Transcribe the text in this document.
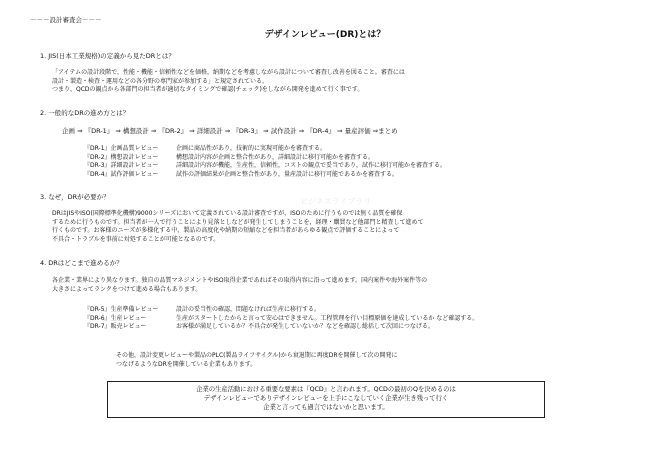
－－－設計審査会－－－
デザインレビュー(DR)とは？
1. JIS(日本工業規格)の定義から見たDRとは？
「アイテムの設計段階で，性能・機能・信頼性などを価格，納期などを考慮しながら設計について審査し改善を図ること。審査には
設計・製造・検査・運用などの各分野の専門家が参加する」と規定されている。
つまり，QCDの観点から各部門の担当者が適切なタイミングで確認(チェック)をしながら開発を進めて行く事です。
2. 一般的なDRの進め方とは？
企画 ⇒ 『DR-1』 ⇒ 構想設計 ⇒ 『DR-2』 ⇒ 詳細設計 ⇒ 『DR-3』 ⇒ 試作設計 ⇒ 『DR-4』 ⇒ 量産評価 ⇒まとめ
『DR-1』企画品質レビュー	企画に商品性があり，技術的に実現可能かを審査する。
『DR-2』構想設計レビュー	構想設計内容が企画と整合性があり，詳細設計に移行可能かを審査する。
『DR-3』詳細設計レビュー	詳細設計内容が機能，生産性，信頼性，コストの観点で妥当であり，試作に移行可能かを審査する。
『DR-4』試作評価レビュー	試作の評価結果が企画と整合性があり，量産設計に移行可能であるかを審査する。
3. なぜ，DRが必要か？
DRはJISやISO(国際標準化機構)9000シリーズにおいて定義されている設計審査ですが，ISOのために行うものでは無く品質を確保
するために行うものです。担当者が一人で行うことにより見落としなどが発生してしまうことを，経理・購買など他部門と精査して進めて
行くものです。お客様のニーズが多様化する中，製品の高度化や納期の短縮などを担当者があらゆる観点で評価することによって
不具合・トラブルを事前に対処することが可能となるのです。
4. DRはどこまで進めるか？
各企業・業界により異なります。独自の品質マネジメントやISO取得企業であればその取得内容に沿って進めます。国内案件や海外案件等の
大きさによってランクをつけて進める場合もあります。
『DR-5』生産準備レビュー	設計の妥当性の確認，問題なければ生産に移行する。
『DR-6』生産レビュー	生産がスタートしたからと言って安心はできません。工程管理を行い目標原価を達成しているか など確認する。
『DR-7』販売レビュー	お客様が満足しているか？不具合が発生していないか？などを確認し総括して次回につなげる。
その他，設計変更レビューや製品のPLC(製品ライフサイクル)から衰退期に再度DRを開催して次の開発に
つなげるようなDRを開催している企業もあります。
企業の生産活動における重要な要素は『QCD』と言われます。QCDの最初のQを決めるのは
デザインレビューでありデザインレビューを上手にこなしていく企業が生き残って行く
企業と言っても過言ではないかと思います。
ビジネスライブラリ
